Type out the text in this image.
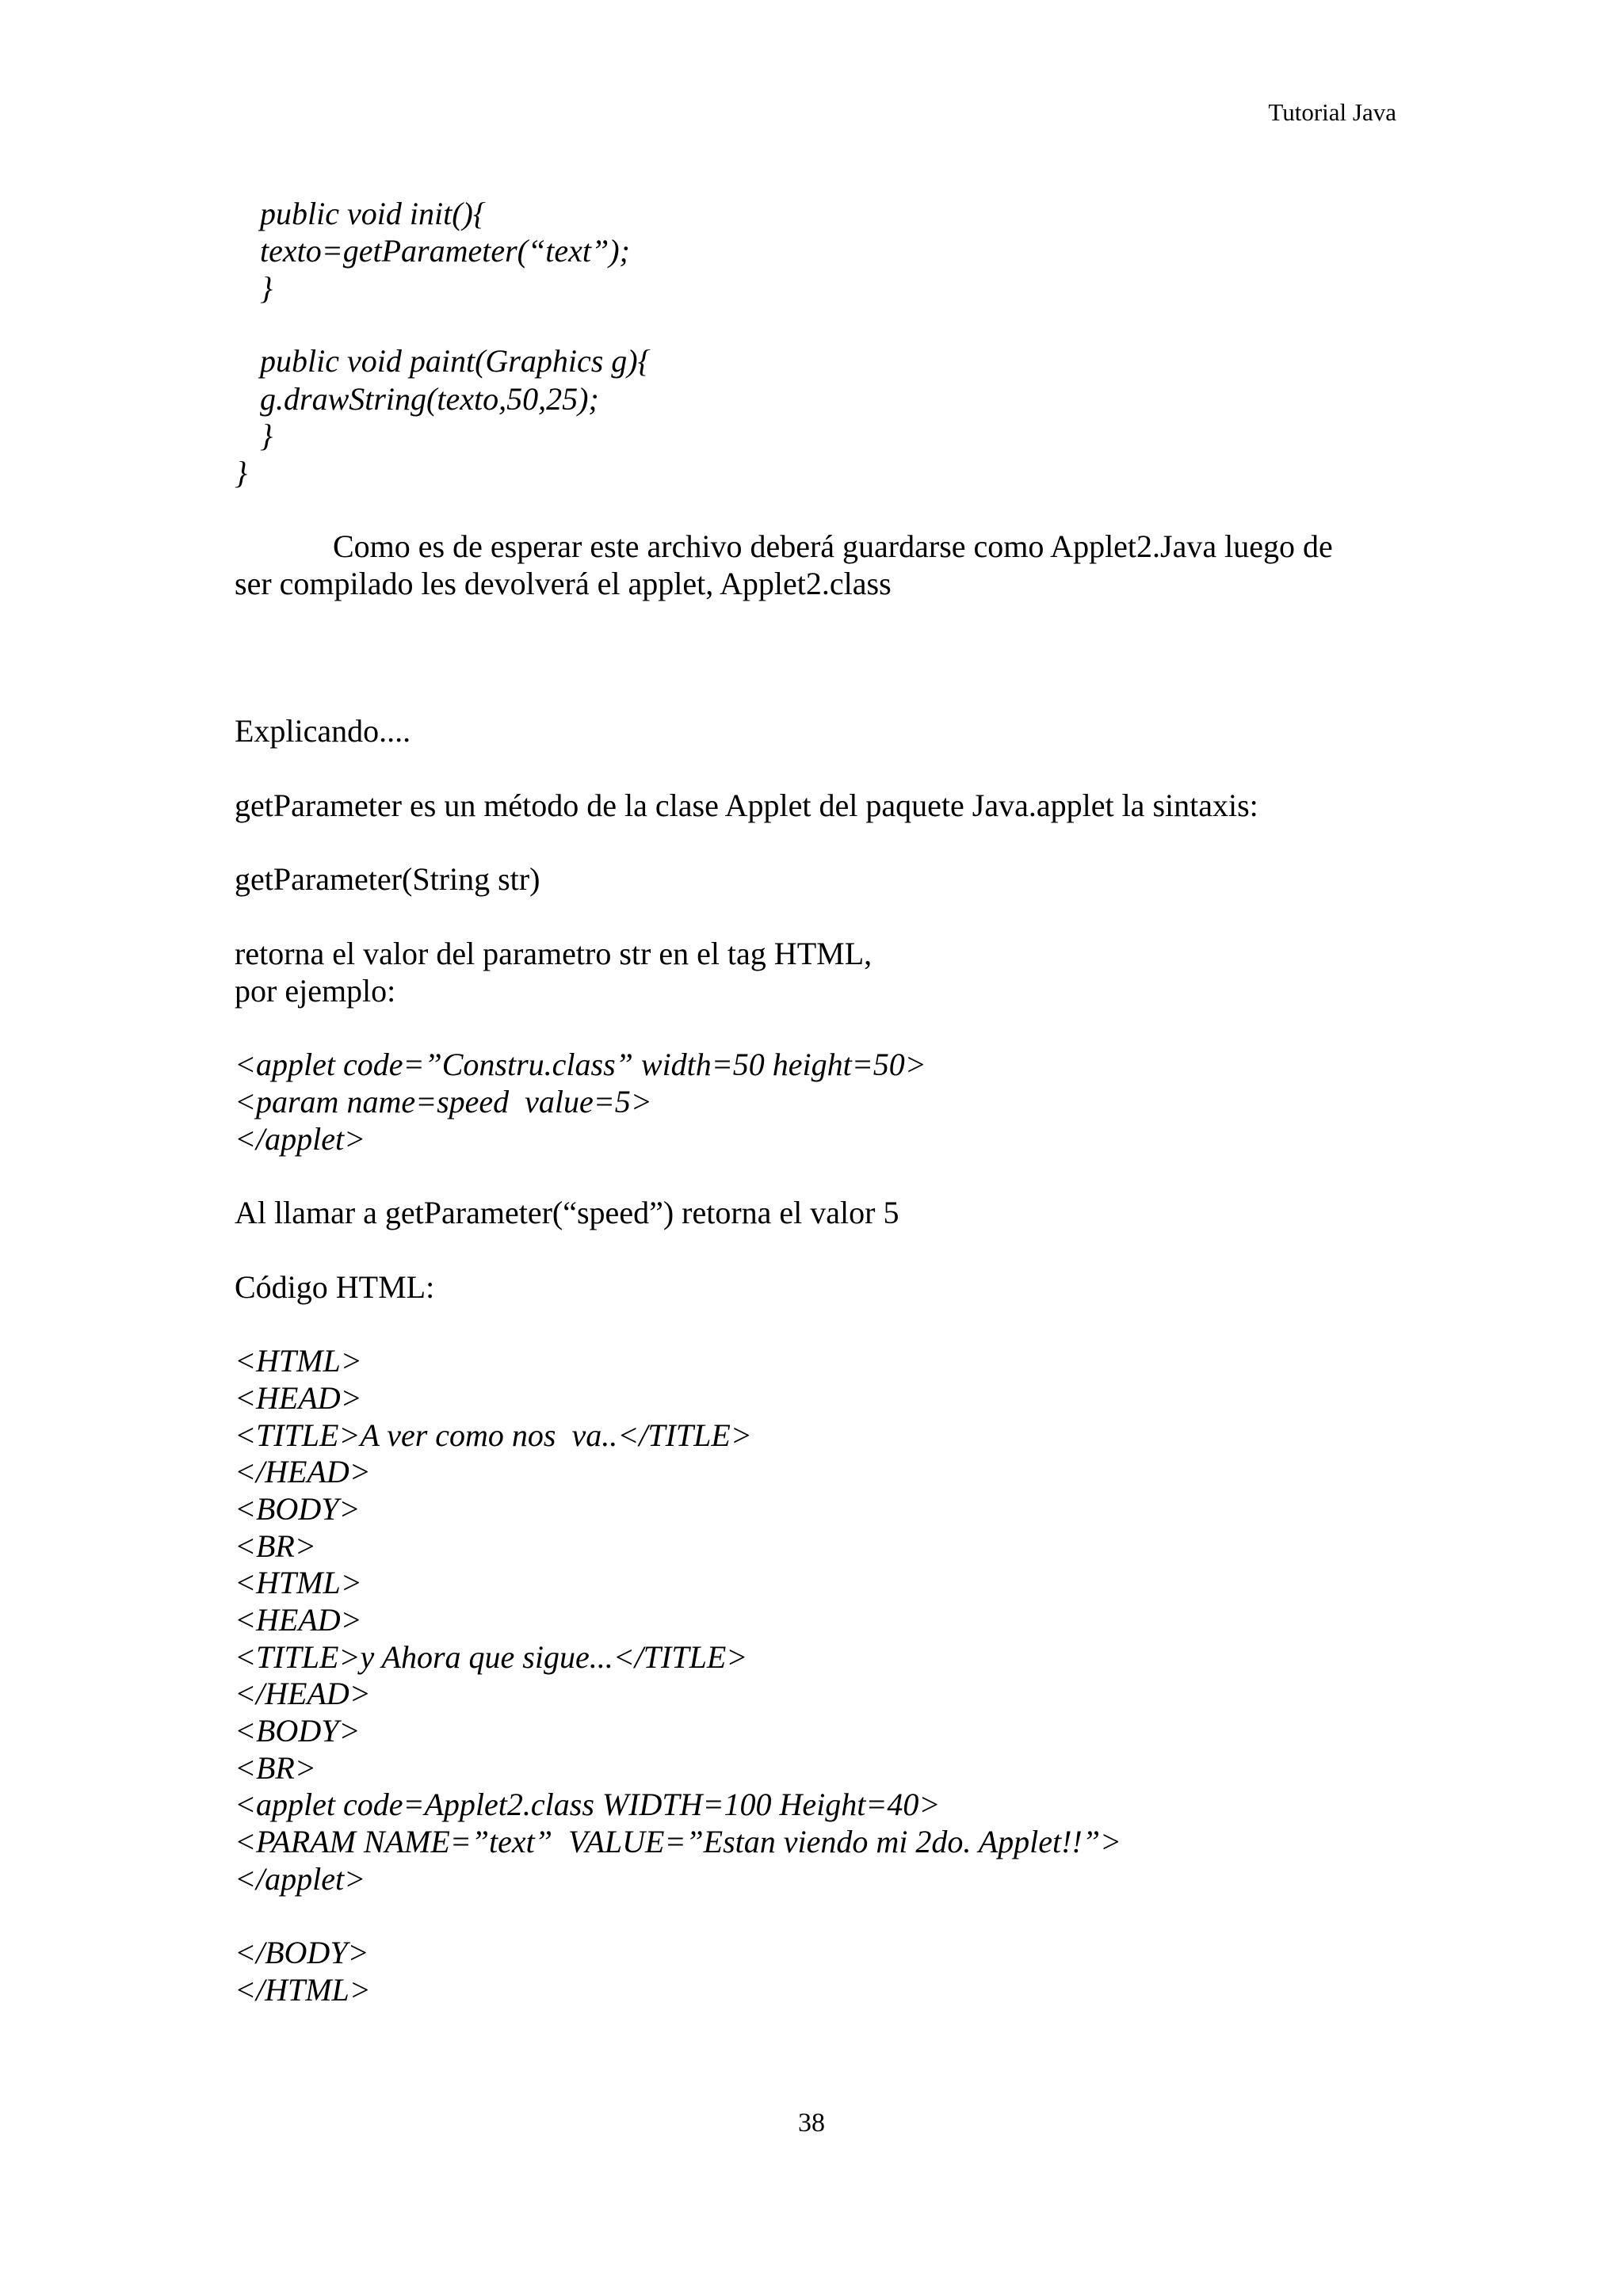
Tutorial Java
public void init(){
texto=getParameter(“text”);
}
public void paint(Graphics g){
g.drawString(texto,50,25);
}
}
Como es de esperar este archivo deberá guardarse como Applet2.Java luego de
ser compilado les devolverá el applet, Applet2.class
Explicando....
getParameter es un método de la clase Applet del paquete Java.applet la sintaxis:
getParameter(String str)
retorna el valor del parametro str en el tag HTML,
por ejemplo:
<applet code=”Constru.class” width=50 height=50>
<param name=speed  value=5>
</applet>
Al llamar a getParameter(“speed”) retorna el valor 5
Código HTML:
<HTML>
<HEAD>
<TITLE>A ver como nos  va..</TITLE>
</HEAD>
<BODY>
<BR>
<HTML>
<HEAD>
<TITLE>y Ahora que sigue...</TITLE>
</HEAD>
<BODY>
<BR>
<applet code=Applet2.class WIDTH=100 Height=40>
<PARAM NAME=”text”  VALUE=”Estan viendo mi 2do. Applet!!”>
</applet>
</BODY>
</HTML>
38
